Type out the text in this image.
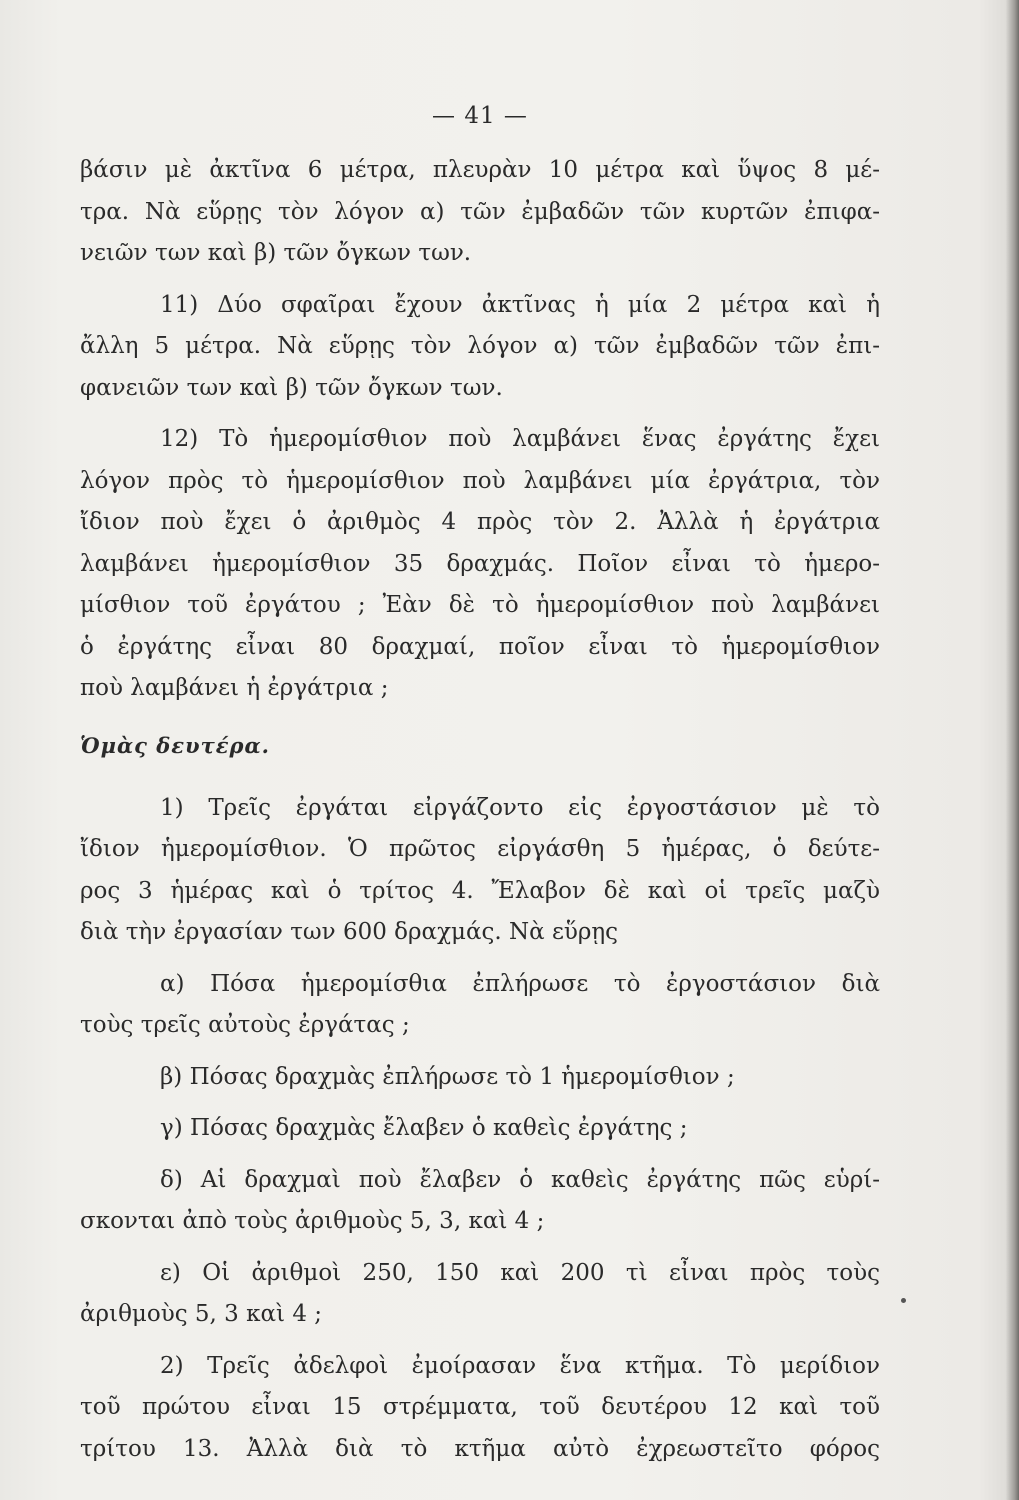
— 41 —

βάσιν μὲ ἀκτῖνα 6 μέτρα, πλευρὰν 10 μέτρα καὶ ὕψος 8 μέ-

τρα. Νὰ εὕρῃς τὸν λόγον α) τῶν ἐμβαδῶν τῶν κυρτῶν ἐπιφα-

νειῶν των καὶ β) τῶν ὄγκων των.

11) Δύο σφαῖραι ἔχουν ἀκτῖνας ἡ μία 2 μέτρα καὶ ἡ

ἄλλη 5 μέτρα. Νὰ εὕρῃς τὸν λόγον α) τῶν ἐμβαδῶν τῶν ἐπι-

φανειῶν των καὶ β) τῶν ὄγκων των.

12) Τὸ ἡμερομίσθιον ποὺ λαμβάνει ἕνας ἐργάτης ἔχει

λόγον πρὸς τὸ ἡμερομίσθιον ποὺ λαμβάνει μία ἐργάτρια, τὸν

ἴδιον ποὺ ἔχει ὁ ἀριθμὸς 4 πρὸς τὸν 2. Ἀλλὰ ἡ ἐργάτρια

λαμβάνει ἡμερομίσθιον 35 δραχμάς. Ποῖον εἶναι τὸ ἡμερο-

μίσθιον τοῦ ἐργάτου ; Ἐὰν δὲ τὸ ἡμερομίσθιον ποὺ λαμβάνει

ὁ ἐργάτης εἶναι 80 δραχμαί, ποῖον εἶναι τὸ ἡμερομίσθιον

ποὺ λαμβάνει ἡ ἐργάτρια ;

Ὁμὰς δευτέρα.

1) Τρεῖς ἐργάται εἰργάζοντο εἰς ἐργοστάσιον μὲ τὸ

ἴδιον ἡμερομίσθιον. Ὁ πρῶτος εἰργάσθη 5 ἡμέρας, ὁ δεύτε-

ρος 3 ἡμέρας καὶ ὁ τρίτος 4. Ἔλαβον δὲ καὶ οἱ τρεῖς μαζὺ

διὰ τὴν ἐργασίαν των 600 δραχμάς. Νὰ εὕρῃς

α) Πόσα ἡμερομίσθια ἐπλήρωσε τὸ ἐργοστάσιον διὰ

τοὺς τρεῖς αὐτοὺς ἐργάτας ;

β) Πόσας δραχμὰς ἐπλήρωσε τὸ 1 ἡμερομίσθιον ;

γ) Πόσας δραχμὰς ἔλαβεν ὁ καθεὶς ἐργάτης ;

δ) Αἱ δραχμαὶ ποὺ ἔλαβεν ὁ καθεὶς ἐργάτης πῶς εὑρί-

σκονται ἀπὸ τοὺς ἀριθμοὺς 5, 3, καὶ 4 ;

ε) Οἱ ἀριθμοὶ 250, 150 καὶ 200 τὶ εἶναι πρὸς τοὺς

ἀριθμοὺς 5, 3 καὶ 4 ;

2) Τρεῖς ἀδελφοὶ ἐμοίρασαν ἕνα κτῆμα. Τὸ μερίδιον

τοῦ πρώτου εἶναι 15 στρέμματα, τοῦ δευτέρου 12 καὶ τοῦ

τρίτου 13. Ἀλλὰ διὰ τὸ κτῆμα αὐτὸ ἐχρεωστεῖτο φόρος
